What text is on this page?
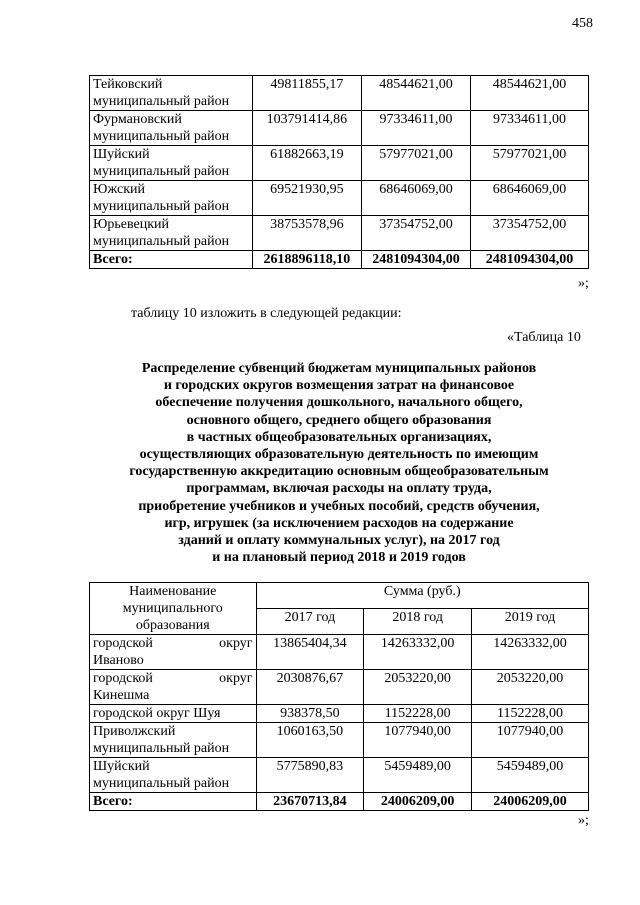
458
Тейковский
муниципальный район	49811855,17	48544621,00	48544621,00

Фурмановский
муниципальный район	103791414,86	97334611,00	97334611,00

Шуйский
муниципальный район	61882663,19	57977021,00	57977021,00

Южский
муниципальный район	69521930,95	68646069,00	68646069,00

Юрьевецкий
муниципальный район	38753578,96	37354752,00	37354752,00
Всего:	2618896118,10	2481094304,00	2481094304,00
»;
таблицу 10 изложить в следующей редакции:
«Таблица 10
Распределение субвенций бюджетам муниципальных районов
и городских округов возмещения затрат на финансовое
обеспечение получения дошкольного, начального общего,
основного общего, среднего общего образования
в частных общеобразовательных организациях,
осуществляющих образовательную деятельность по имеющим
государственную аккредитацию основным общеобразовательным
программам, включая расходы на оплату труда,
приобретение учебников и учебных пособий, средств обучения,
игр, игрушек (за исключением расходов на содержание
зданий и оплату коммунальных услуг), на 2017 год
и на плановый период 2018 и 2019 годов
Наименование
муниципального
образования	Сумма (руб.)		
	2017 год	2018 год	2019 год

городской округ
Иваново	13865404,34	14263332,00	14263332,00

городской округ
Кинешма	2030876,67	2053220,00	2053220,00

городской округ Шуя	938378,50	1152228,00	1152228,00

Приволжский
муниципальный район	1060163,50	1077940,00	1077940,00

Шуйский
муниципальный район	5775890,83	5459489,00	5459489,00
Всего:	23670713,84	24006209,00	24006209,00
»;
